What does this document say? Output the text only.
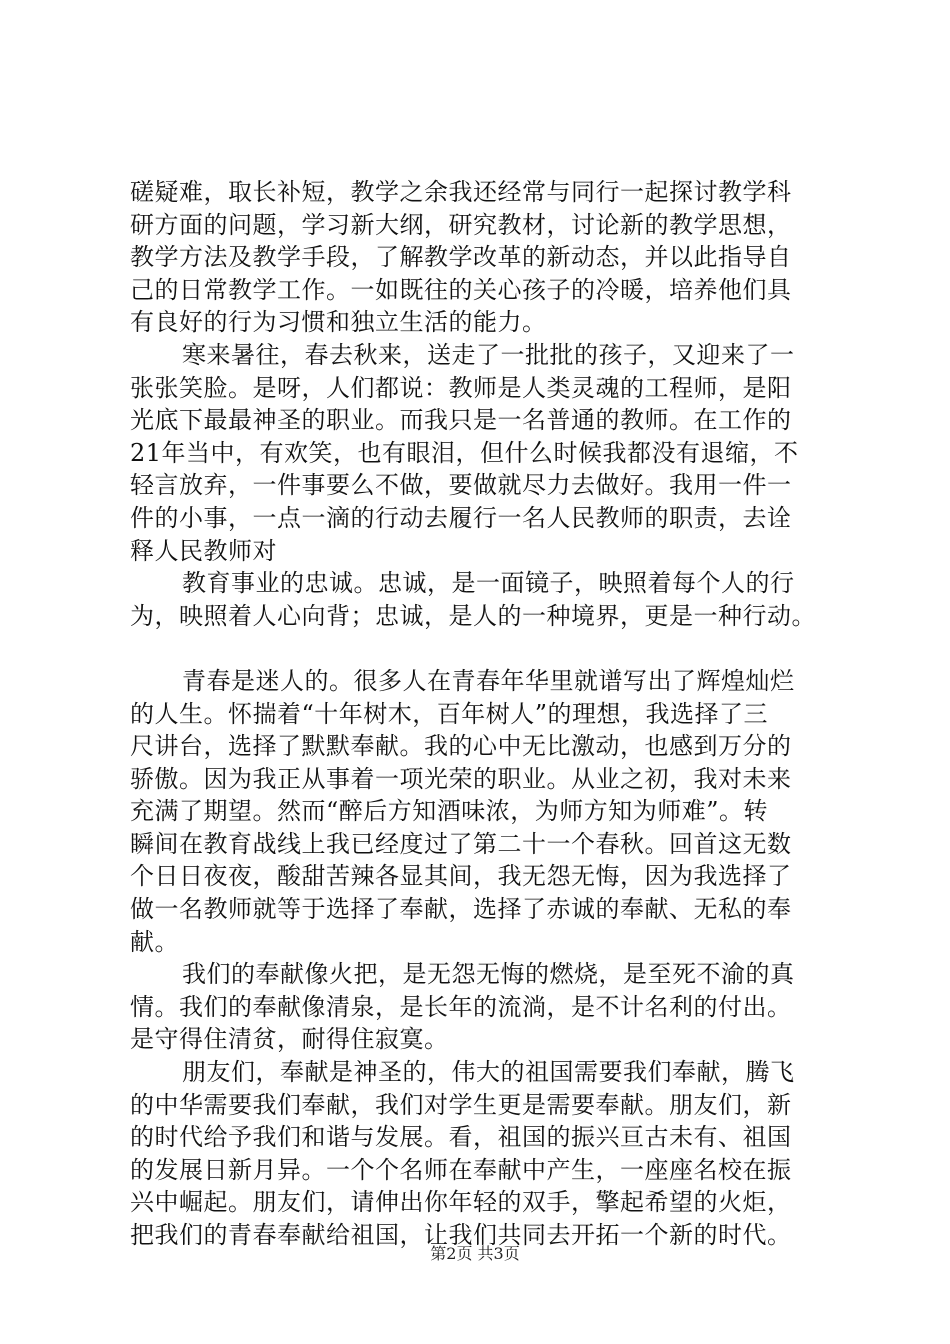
磋疑难，取长补短，教学之余我还经常与同行一起探讨教学科
研方面的问题，学习新大纲，研究教材，讨论新的教学思想，
教学方法及教学手段，了解教学改革的新动态，并以此指导自
己的日常教学工作。一如既往的关心孩子的冷暖，培养他们具
有良好的行为习惯和独立生活的能力。
寒来暑往，春去秋来，送走了一批批的孩子，又迎来了一
张张笑脸。是呀，人们都说：教师是人类灵魂的工程师，是阳
光底下最最神圣的职业。而我只是一名普通的教师。在工作的
21年当中，有欢笑，也有眼泪，但什么时候我都没有退缩，不
轻言放弃，一件事要么不做，要做就尽力去做好。我用一件一
件的小事，一点一滴的行动去履行一名人民教师的职责，去诠
释人民教师对
教育事业的忠诚。忠诚，是一面镜子，映照着每个人的行
为，映照着人心向背；忠诚，是人的一种境界，更是一种行动。
青春是迷人的。很多人在青春年华里就谱写出了辉煌灿烂
的人生。怀揣着“十年树木，百年树人”的理想，我选择了三
尺讲台，选择了默默奉献。我的心中无比激动，也感到万分的
骄傲。因为我正从事着一项光荣的职业。从业之初，我对未来
充满了期望。然而“醉后方知酒味浓，为师方知为师难”。转
瞬间在教育战线上我已经度过了第二十一个春秋。回首这无数
个日日夜夜，酸甜苦辣各显其间，我无怨无悔，因为我选择了
做一名教师就等于选择了奉献，选择了赤诚的奉献、无私的奉
献。
我们的奉献像火把，是无怨无悔的燃烧，是至死不渝的真
情。我们的奉献像清泉，是长年的流淌，是不计名利的付出。
是守得住清贫，耐得住寂寞。
朋友们，奉献是神圣的，伟大的祖国需要我们奉献，腾飞
的中华需要我们奉献，我们对学生更是需要奉献。朋友们，新
的时代给予我们和谐与发展。看，祖国的振兴亘古未有、祖国
的发展日新月异。一个个名师在奉献中产生，一座座名校在振
兴中崛起。朋友们，请伸出你年轻的双手，擎起希望的火炬，
把我们的青春奉献给祖国，让我们共同去开拓一个新的时代。
第2页 共3页
